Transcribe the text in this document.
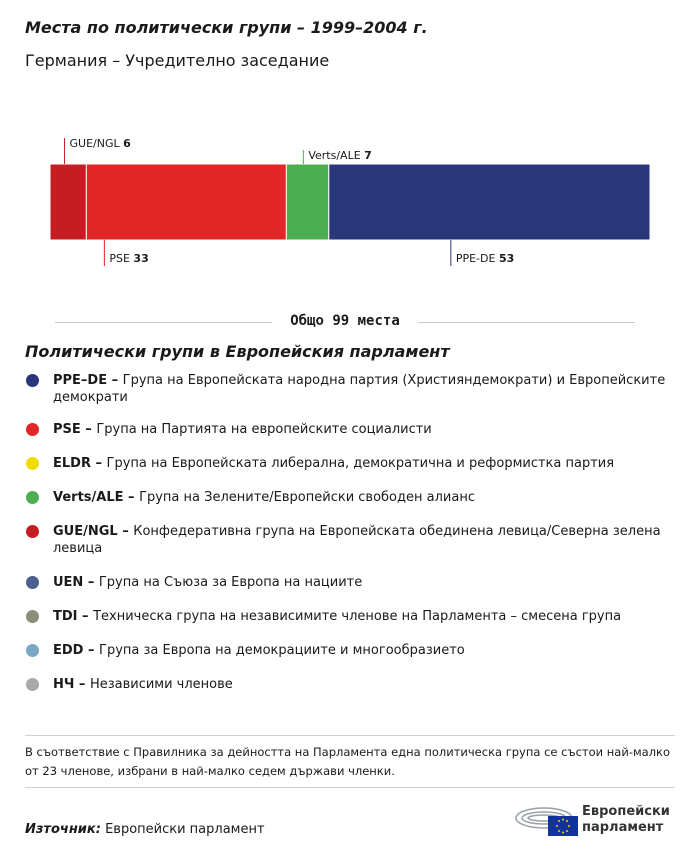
Места по политически групи – 1999–2004 г.
Германия – Учредително заседание
GUE/NGL 6
PSE 33
Verts/ALE 7
PPE-DE 53
Общо 99 места
Политически групи в Европейския парламент
PPE–DE – Група на Европейската народна партия (Християндемократи) и Европейските демократи
PSE – Група на Партията на европейските социалисти
ELDR – Група на Европейската либерална, демократична и реформистка партия
Verts/ALE – Група на Зелените/Европейски свободен алианс
GUE/NGL – Конфедеративна група на Европейската обединена левица/Северна зелена левица
UEN – Група на Съюза за Европа на нациите
TDI – Техническа група на независимите членове на Парламента – смесена група
EDD – Група за Европа на демокрациите и многообразието
НЧ – Независими членове
В съответствие с Правилника за дейността на Парламента една политическа група се състои най-малко от 23 членове, избрани в най-малко седем държави членки.
Източник: Европейски парламент
Европейски
парламент
